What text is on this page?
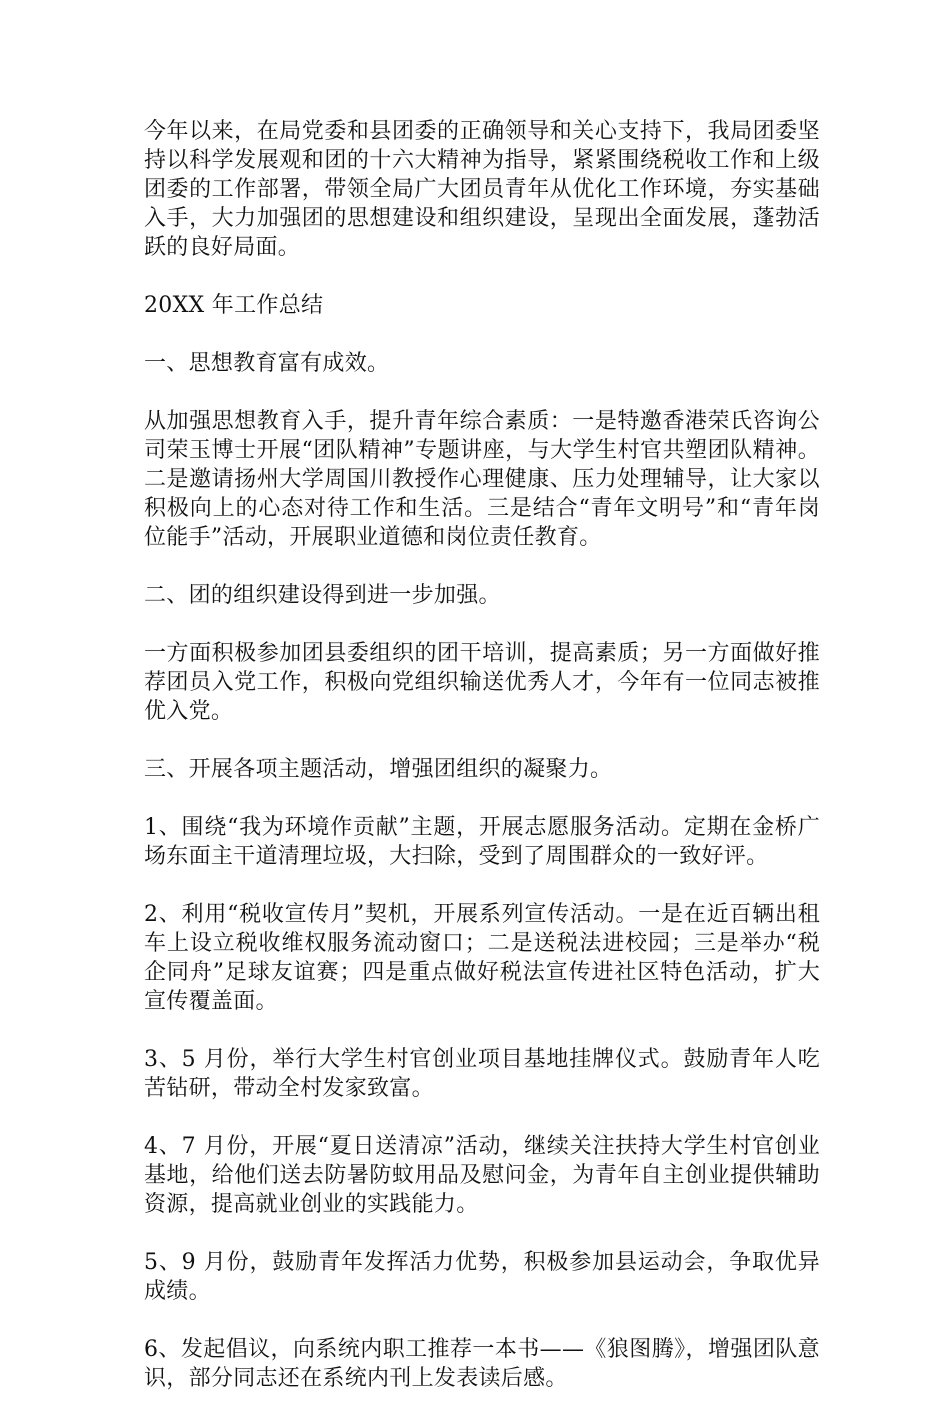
今年以来，在局党委和县团委的正确领导和关心支持下，我局团委坚持以科学发展观和团的十六大精神为指导，紧紧围绕税收工作和上级团委的工作部署，带领全局广大团员青年从优化工作环境，夯实基础入手，大力加强团的思想建设和组织建设，呈现出全面发展，蓬勃活跃的良好局面。

20XX 年工作总结

一、思想教育富有成效。

从加强思想教育入手，提升青年综合素质：一是特邀香港荣氏咨询公司荣玉博士开展“团队精神”专题讲座，与大学生村官共塑团队精神。二是邀请扬州大学周国川教授作心理健康、压力处理辅导，让大家以积极向上的心态对待工作和生活。三是结合“青年文明号”和“青年岗位能手”活动，开展职业道德和岗位责任教育。

二、团的组织建设得到进一步加强。

一方面积极参加团县委组织的团干培训，提高素质；另一方面做好推荐团员入党工作，积极向党组织输送优秀人才，今年有一位同志被推优入党。

三、开展各项主题活动，增强团组织的凝聚力。

1、围绕“我为环境作贡献”主题，开展志愿服务活动。定期在金桥广场东面主干道清理垃圾，大扫除，受到了周围群众的一致好评。

2、利用“税收宣传月”契机，开展系列宣传活动。一是在近百辆出租车上设立税收维权服务流动窗口；二是送税法进校园；三是举办“税企同舟”足球友谊赛；四是重点做好税法宣传进社区特色活动，扩大宣传覆盖面。

3、5 月份，举行大学生村官创业项目基地挂牌仪式。鼓励青年人吃苦钻研，带动全村发家致富。

4、7 月份，开展“夏日送清凉”活动，继续关注扶持大学生村官创业基地，给他们送去防暑防蚊用品及慰问金，为青年自主创业提供辅助资源，提高就业创业的实践能力。

5、9 月份，鼓励青年发挥活力优势，积极参加县运动会，争取优异成绩。

6、发起倡议，向系统内职工推荐一本书——《狼图腾》，增强团队意识，部分同志还在系统内刊上发表读后感。
